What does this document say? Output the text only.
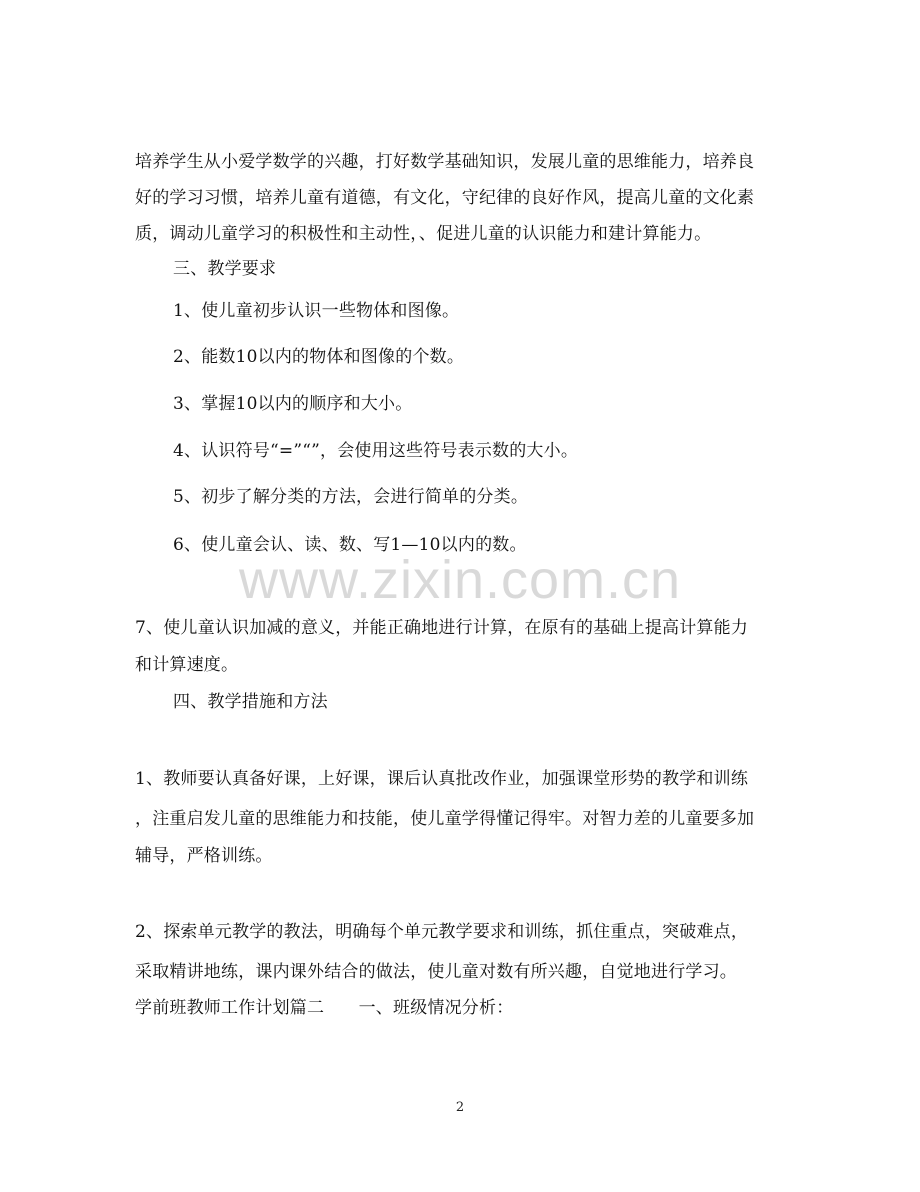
培养学生从小爱学数学的兴趣，打好数学基础知识，发展儿童的思维能力，培养良
好的学习习惯，培养儿童有道德，有文化，守纪律的良好作风，提高儿童的文化素
质，调动儿童学习的积极性和主动性，、促进儿童的认识能力和建计算能力。
三、教学要求
1、使儿童初步认识一些物体和图像。
2、能数10以内的物体和图像的个数。
3、掌握10以内的顺序和大小。
4、认识符号“=”“”，会使用这些符号表示数的大小。
5、初步了解分类的方法，会进行简单的分类。
6、使儿童会认、读、数、写1—10以内的数。
7、使儿童认识加减的意义，并能正确地进行计算，在原有的基础上提高计算能力
和计算速度。
四、教学措施和方法
1、教师要认真备好课，上好课，课后认真批改作业，加强课堂形势的教学和训练
，注重启发儿童的思维能力和技能，使儿童学得懂记得牢。对智力差的儿童要多加
辅导，严格训练。
2、探索单元教学的教法，明确每个单元教学要求和训练，抓住重点，突破难点，
采取精讲地练，课内课外结合的做法，使儿童对数有所兴趣，自觉地进行学习。
学前班教师工作计划篇二　　一、班级情况分析：
www.zixin.com.cn
2
